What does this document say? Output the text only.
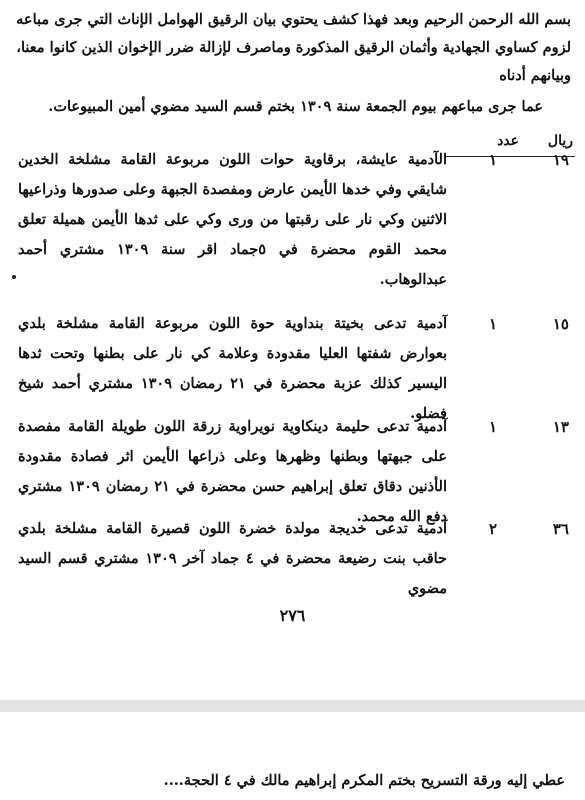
بسم الله الرحمن الرحيم وبعد فهذا كشف يحتوي بيان الرقيق الهوامل الإناث التي جرى مباعه لزوم كساوي الجهادية وأثمان الرقيق المذكورة وماصرف لإزالة ضرر الإخوان الذين كانوا معنا، وبيانهم أدناه
عما جرى مباعهم بيوم الجمعة سنة ١٣٠٩ بختم قسم السيد مضوي أمين المبيوعات.
ريال
عدد
١٩
١
الآدمية عايشة، برقاوية حوات اللون مربوعة القامة مشلخة الخدين شايقي وفي خدها الأيمن عارض ومفصدة الجبهة وعلى صدورها وذراعيها الاثنين وكي نار على رقبتها من ورى وكي على ثدها الأيمن هميلة تعلق محمد القوم محضرة في ٥جماد اقر سنة ١٣٠٩ مشتري أحمد عبدالوهاب.
١٥
١
آدمية تدعى بخيتة بنداوية حوة اللون مربوعة القامة مشلخة بلدي بعوارض شفتها العليا مقدودة وعلامة كي نار على بطنها وتحت ثدها اليسير كذلك عزبة محضرة في ٢١ رمضان ١٣٠٩ مشتري أحمد شيخ فضلو.
١٣
١
آدمية تدعى حليمة دينكاوية نويراوية زرقة اللون طويلة القامة مفصدة على جبهتها وبطنها وظهرها وعلى ذراعها الأيمن اثر فصادة مقدودة الأذنين دقاق تعلق إبراهيم حسن محضرة في ٢١ رمضان ١٣٠٩ مشتري دفع الله محمد.
٣٦
٢
آدمية تدعى خديجة مولدة خضرة اللون قصيرة القامة مشلخة بلدي حاقب بنت رضيعة محضرة في ٤ جماد آخر ١٣٠٩ مشتري قسم السيد مضوي
٢٧٦
عطي إليه ورقة التسريح بختم المكرم إبراهيم مالك في ٤ الحجة....
